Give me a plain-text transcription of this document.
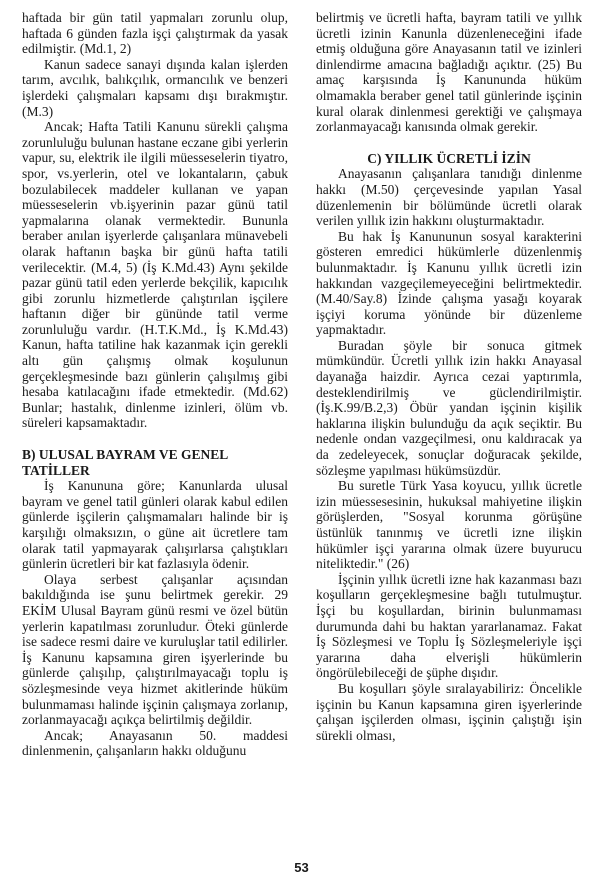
haftada bir gün tatil yapmaları zorunlu olup, haftada 6 günden fazla işçi çalıştırmak da yasak edilmiştir. (Md.1, 2)

Kanun sadece sanayi dışında kalan işlerden tarım, avcılık, balıkçılık, ormancılık ve benzeri işlerdeki çalışmaları kapsamı dışı bırakmıştır. (M.3)

Ancak; Hafta Tatili Kanunu sürekli çalışma zorunluluğu bulunan hastane eczane gibi yerlerin vapur, su, elektrik ile ilgili müesseselerin tiyatro, spor, vs.yerlerin, otel ve lokantaların, çabuk bozulabilecek maddeler kullanan ve yapan müesseselerin vb.işyerinin pazar günü tatil yapmalarına olanak vermektedir. Bununla beraber anılan işyerlerde çalışanlara münavebeli olarak haftanın başka bir günü hafta tatili verilecektir. (M.4, 5) (İş K.Md.43) Aynı şekilde pazar günü tatil eden yerlerde bekçilik, kapıcılık gibi zorunlu hizmetlerde çalıştırılan işçilere haftanın diğer bir gününde tatil verme zorunluluğu vardır. (H.T.K.Md., İş K.Md.43) Kanun, hafta tatiline hak kazanmak için gerekli altı gün çalışmış olmak koşulunun gerçekleşmesinde bazı günlerin çalışılmış gibi hesaba katılacağını ifade etmektedir. (Md.62) Bunlar; hastalık, dinlenme izinleri, ölüm vb. süreleri kapsamaktadır.

B) ULUSAL BAYRAM VE GENEL TATİLLER

İş Kanununa göre; Kanunlarda ulusal bayram ve genel tatil günleri olarak kabul edilen günlerde işçilerin çalışmamaları halinde bir iş karşılığı olmaksızın, o güne ait ücretlere tam olarak tatil yapmayarak çalışırlarsa çalıştıkları günlerin ücretleri bir kat fazlasıyla ödenir.

Olaya serbest çalışanlar açısından bakıldığında ise şunu belirtmek gerekir. 29 EKİM Ulusal Bayram günü resmi ve özel bütün yerlerin kapatılması zorunludur. Öteki günlerde ise sadece resmi daire ve kuruluşlar tatil edilirler. İş Kanunu kapsamına giren işyerlerinde bu günlerde çalışılıp, çalıştırılmayacağı toplu iş sözleşmesinde veya hizmet akitlerinde hüküm bulunmaması halinde işçinin çalışmaya zorlanıp, zorlanmayacağı açıkça belirtilmiş değildir.

Ancak; Anayasanın 50. maddesi dinlenmenin, çalışanların hakkı olduğunu

belirtmiş ve ücretli hafta, bayram tatili ve yıllık ücretli izinin Kanunla düzenleneceğini ifade etmiş olduğuna göre Anayasanın tatil ve izinleri dinlendirme amacına bağladığı açıktır. (25) Bu amaç karşısında İş Kanununda hüküm olmamakla beraber genel tatil günlerinde işçinin kural olarak dinlenmesi gerektiği ve çalışmaya zorlanmayacağı kanısında olmak gerekir.

C) YILLIK ÜCRETLİ İZİN

Anayasanın çalışanlara tanıdığı dinlenme hakkı (M.50) çerçevesinde yapılan Yasal düzenlemenin bir bölümünde ücretli olarak verilen yıllık izin hakkını oluşturmaktadır.

Bu hak İş Kanununun sosyal karakterini gösteren emredici hükümlerle düzenlenmiş bulunmaktadır. İş Kanunu yıllık ücretli izin hakkından vazgeçilemeyeceğini belirtmektedir. (M.40/Say.8) İzinde çalışma yasağı koyarak işçiyi koruma yönünde bir düzenleme yapmaktadır.

Buradan şöyle bir sonuca gitmek mümkündür. Ücretli yıllık izin hakkı Anayasal dayanağa haizdir. Ayrıca cezai yaptırımla, desteklendirilmiş ve güclendirilmiştir. (İş.K.99/B.2,3) Öbür yandan işçinin kişilik haklarına ilişkin bulunduğu da açık seçiktir. Bu nedenle ondan vazgeçilmesi, onu kaldıracak ya da zedeleyecek, sonuçlar doğuracak şekilde, sözleşme yapılması hükümsüzdür.

Bu suretle Türk Yasa koyucu, yıllık ücretle izin müessesesinin, hukuksal mahiyetine ilişkin görüşlerden, "Sosyal korunma görüşüne üstünlük tanınmış ve ücretli izne ilişkin hükümler işçi yararına olmak üzere buyurucu niteliktedir." (26)

İşçinin yıllık ücretli izne hak kazanması bazı koşulların gerçekleşmesine bağlı tutulmuştur. İşçi bu koşullardan, birinin bulunmaması durumunda dahi bu haktan yararlanamaz. Fakat İş Sözleşmesi ve Toplu İş Sözleşmeleriyle işçi yararına daha elverişli hükümlerin öngörülebileceği de şüphe dışıdır.

Bu koşulları şöyle sıralayabiliriz: Öncelikle işçinin bu Kanun kapsamına giren işyerlerinde çalışan işçilerden olması, işçinin çalıştığı işin sürekli olması,

53
